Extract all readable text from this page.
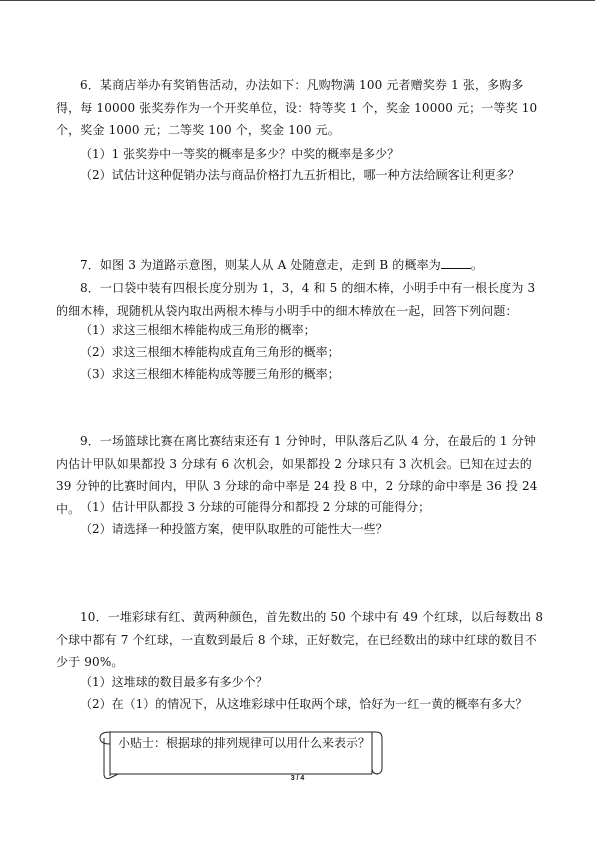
6．某商店举办有奖销售活动，办法如下：凡购物满 100 元者赠奖券 1 张，多购多得，每 10000 张奖券作为一个开奖单位，设：特等奖 1 个，奖金 10000 元；一等奖 10 个，奖金 1000 元；二等奖 100 个，奖金 100 元。

（1）1 张奖券中一等奖的概率是多少？中奖的概率是多少？

（2）试估计这种促销办法与商品价格打九五折相比，哪一种方法给顾客让利更多？

7．如图 3 为道路示意图，则某人从 A 处随意走，走到 B 的概率为	。

8．一口袋中装有四根长度分别为 1，3，4 和 5 的细木棒，小明手中有一根长度为 3 的细木棒，现随机从袋内取出两根木棒与小明手中的细木棒放在一起，回答下列问题：

（1）求这三根细木棒能构成三角形的概率；

（2）求这三根细木棒能构成直角三角形的概率；

（3）求这三根细木棒能构成等腰三角形的概率；

9．一场篮球比赛在离比赛结束还有 1 分钟时，甲队落后乙队 4 分，在最后的 1 分钟内估计甲队如果都投 3 分球有 6 次机会，如果都投 2 分球只有 3 次机会。已知在过去的 39 分钟的比赛时间内，甲队 3 分球的命中率是 24 投 8 中，2 分球的命中率是 36 投 24 中。 （1）估计甲队都投 3 分球的可能得分和都投 2 分球的可能得分；

（2）请选择一种投篮方案，使甲队取胜的可能性大一些？

10．一堆彩球有红、黄两种颜色，首先数出的 50 个球中有 49 个红球，以后每数出 8 个球中都有 7 个红球，一直数到最后 8 个球，正好数完，在已经数出的球中红球的数目不少于 90%。

（1）这堆球的数目最多有多少个？

（2）在（1）的情况下，从这堆彩球中任取两个球，恰好为一红一黄的概率有多大？

小贴士：根据球的排列规律可以用什么来表示？

3 / 4
